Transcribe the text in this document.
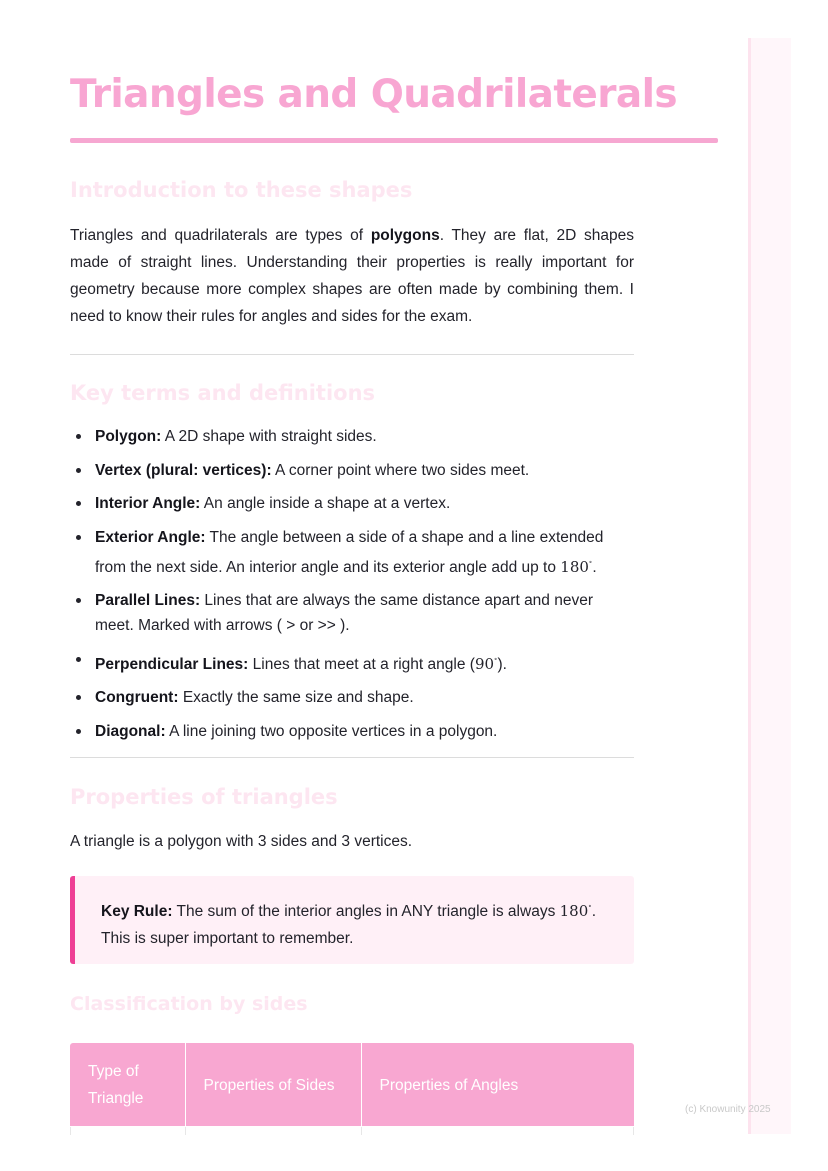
Triangles and Quadrilaterals
Introduction to these shapes

Triangles and quadrilaterals are types of polygons. They are flat, 2D shapes made of straight lines. Understanding their properties is really important for geometry because more complex shapes are often made by combining them. I need to know their rules for angles and sides for the exam.

Key terms and definitions
Polygon: A 2D shape with straight sides.
Vertex (plural: vertices): A corner point where two sides meet.
Interior Angle: An angle inside a shape at a vertex.
Exterior Angle: The angle between a side of a shape and a line extended from the next side. An interior angle and its exterior angle add up to 180∘.
Parallel Lines: Lines that are always the same distance apart and never meet. Marked with arrows ( > or >> ).
Perpendicular Lines: Lines that meet at a right angle (90∘).
Congruent: Exactly the same size and shape.
Diagonal: A line joining two opposite vertices in a polygon.
Properties of triangles

A triangle is a polygon with 3 sides and 3 vertices.

Key Rule: The sum of the interior angles in ANY triangle is always 180∘. This is super important to remember.

Classification by sides
Type of Triangle	Properties of Sides	Properties of Angles
(c) Knowunity 2025
